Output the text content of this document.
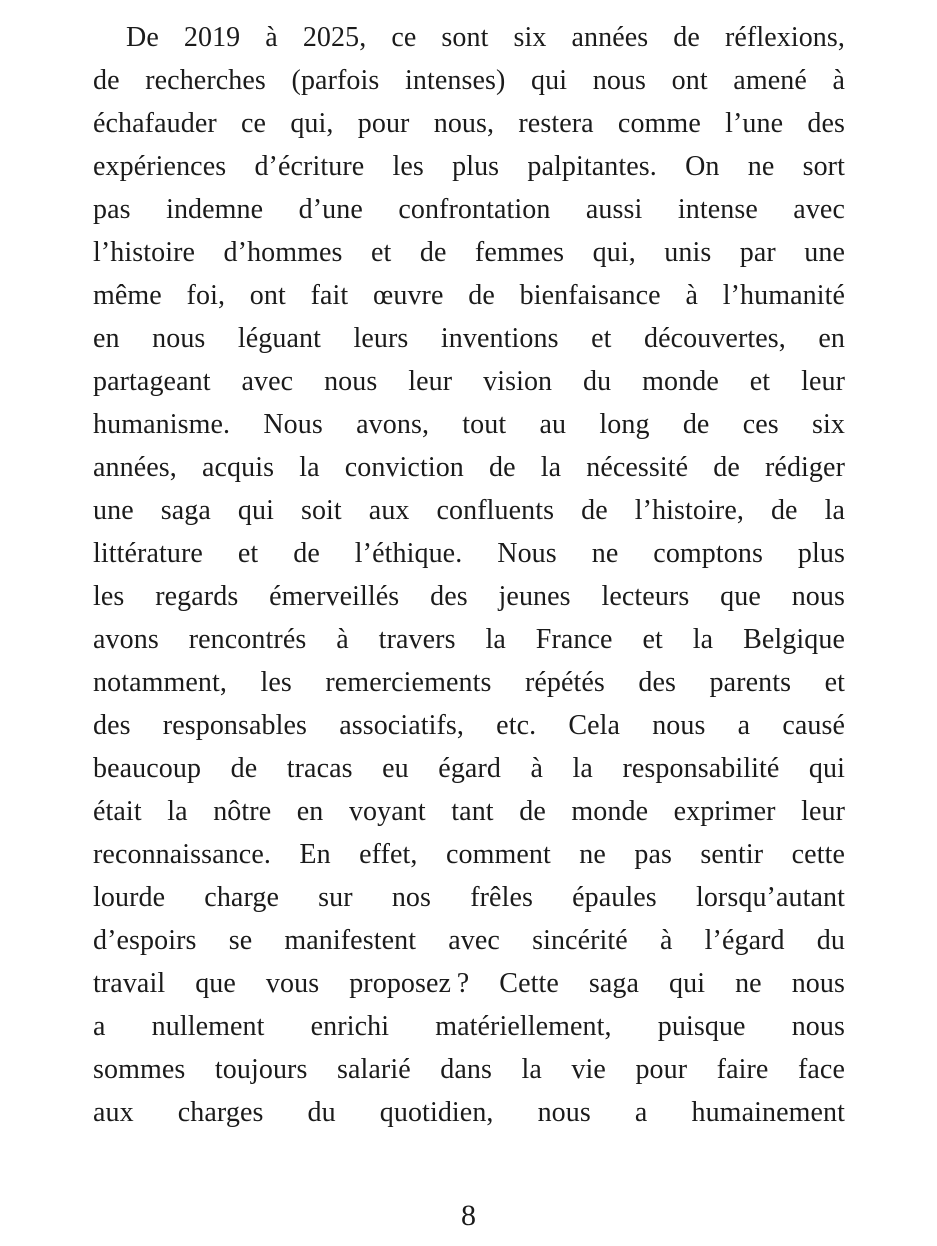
De 2019 à 2025, ce sont six années de réflexions,
de recherches (parfois intenses) qui nous ont amené à
échafauder ce qui, pour nous, restera comme l’une des
expériences d’écriture les plus palpitantes. On ne sort
pas indemne d’une confrontation aussi intense avec
l’histoire d’hommes et de femmes qui, unis par une
même foi, ont fait œuvre de bienfaisance à l’humanité
en nous léguant leurs inventions et découvertes, en
partageant avec nous leur vision du monde et leur
humanisme. Nous avons, tout au long de ces six
années, acquis la conviction de la nécessité de rédiger
une saga qui soit aux confluents de l’histoire, de la
littérature et de l’éthique. Nous ne comptons plus
les regards émerveillés des jeunes lecteurs que nous
avons rencontrés à travers la France et la Belgique
notamment, les remerciements répétés des parents et
des responsables associatifs, etc. Cela nous a causé
beaucoup de tracas eu égard à la responsabilité qui
était la nôtre en voyant tant de monde exprimer leur
reconnaissance. En effet, comment ne pas sentir cette
lourde charge sur nos frêles épaules lorsqu’autant
d’espoirs se manifestent avec sincérité à l’égard du
travail que vous proposez ? Cette saga qui ne nous
a nullement enrichi matériellement, puisque nous
sommes toujours salarié dans la vie pour faire face
aux charges du quotidien, nous a humainement
8
